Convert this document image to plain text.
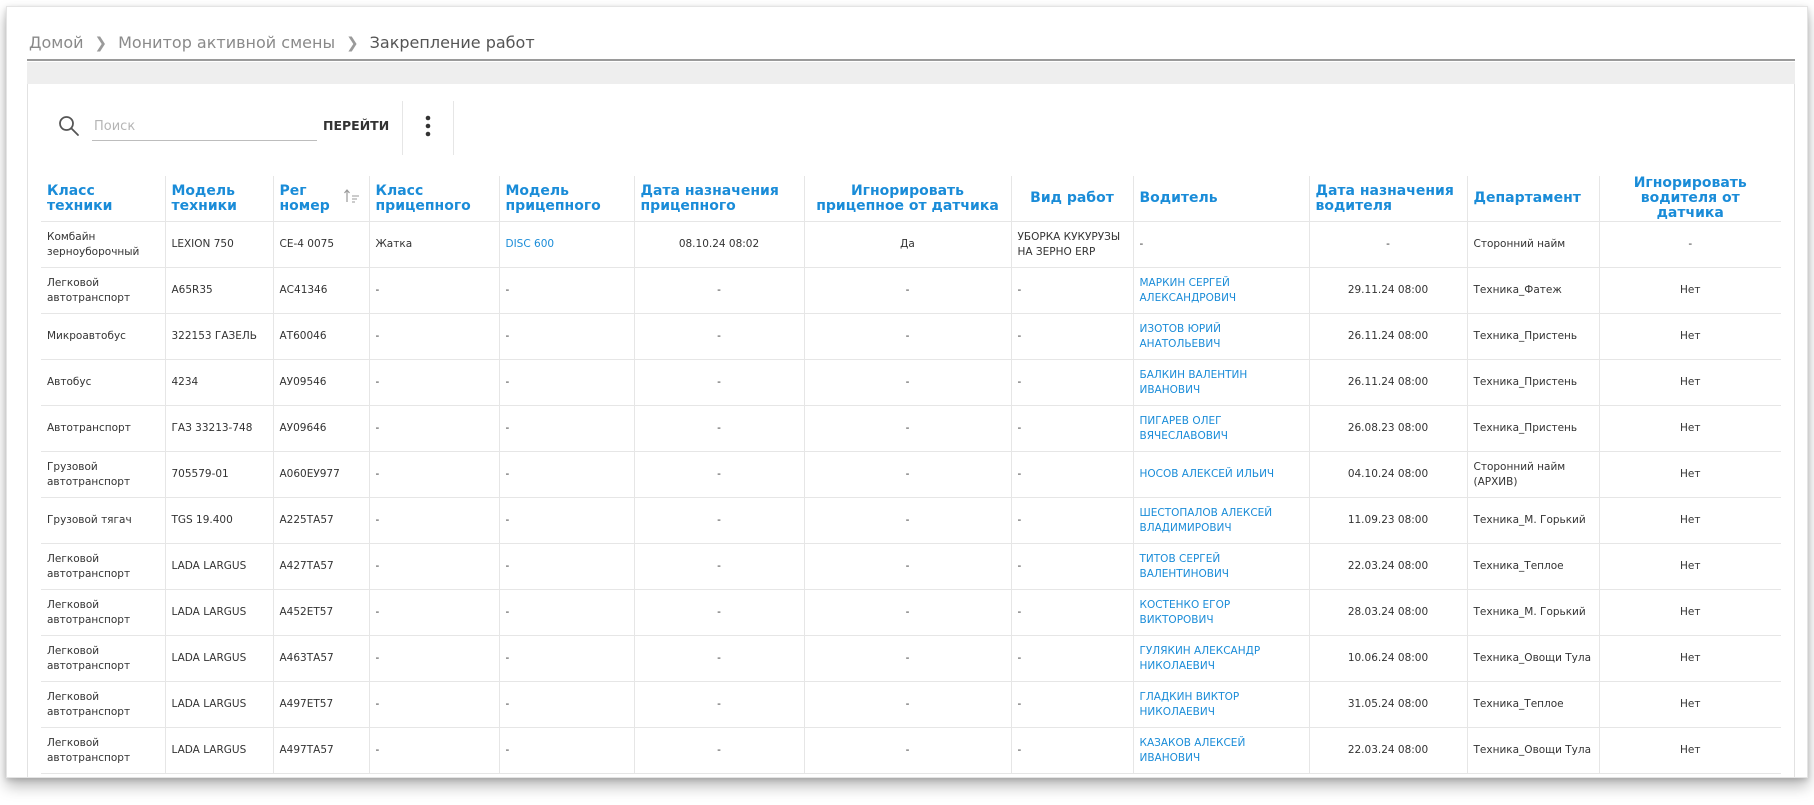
Домой ❯ Монитор активной смены ❯ Закрепление работ
Поиск
ПЕРЕЙТИ
Класс техники	Модель техники	Рег номер	Класс прицепного	Модель прицепного	Дата назначения прицепного	Игнорировать прицепное от датчика	Вид работ	Водитель	Дата назначения водителя	Департамент	Игнорировать водителя от датчика
Комбайн зерноуборочный	LEXION 750	СЕ-4 0075	Жатка	DISC 600	08.10.24 08:02	Да	УБОРКА КУКУРУЗЫ НА ЗЕРНО ERP	-	-	Сторонний найм	-
Легковой автотранспорт	А65R35	АС41346	-	-	-	-	-	МАРКИН СЕРГЕЙ АЛЕКСАНДРОВИЧ	29.11.24 08:00	Техника_Фатеж	Нет
Микроавтобус	322153 ГАЗЕЛЬ	АТ60046	-	-	-	-	-	ИЗОТОВ ЮРИЙ АНАТОЛЬЕВИЧ	26.11.24 08:00	Техника_Пристень	Нет
Автобус	4234	АУ09546	-	-	-	-	-	БАЛКИН ВАЛЕНТИН ИВАНОВИЧ	26.11.24 08:00	Техника_Пристень	Нет
Автотранспорт	ГАЗ 33213-748	АУ09646	-	-	-	-	-	ПИГАРЕВ ОЛЕГ ВЯЧЕСЛАВОВИЧ	26.08.23 08:00	Техника_Пристень	Нет
Грузовой автотранспорт	705579-01	А060ЕУ977	-	-	-	-	-	НОСОВ АЛЕКСЕЙ ИЛЬИЧ	04.10.24 08:00	Сторонний найм (АРХИВ)	Нет
Грузовой тягач	TGS 19.400	А225ТА57	-	-	-	-	-	ШЕСТОПАЛОВ АЛЕКСЕЙ ВЛАДИМИРОВИЧ	11.09.23 08:00	Техника_М. Горький	Нет
Легковой автотранспорт	LADA LARGUS	А427ТА57	-	-	-	-	-	ТИТОВ СЕРГЕЙ ВАЛЕНТИНОВИЧ	22.03.24 08:00	Техника_Теплое	Нет
Легковой автотранспорт	LADA LARGUS	А452ЕТ57	-	-	-	-	-	КОСТЕНКО ЕГОР ВИКТОРОВИЧ	28.03.24 08:00	Техника_М. Горький	Нет
Легковой автотранспорт	LADA LARGUS	А463ТА57	-	-	-	-	-	ГУЛЯКИН АЛЕКСАНДР НИКОЛАЕВИЧ	10.06.24 08:00	Техника_Овощи Тула	Нет
Легковой автотранспорт	LADA LARGUS	А497ЕТ57	-	-	-	-	-	ГЛАДКИН ВИКТОР НИКОЛАЕВИЧ	31.05.24 08:00	Техника_Теплое	Нет
Легковой автотранспорт	LADA LARGUS	А497ТА57	-	-	-	-	-	КАЗАКОВ АЛЕКСЕЙ ИВАНОВИЧ	22.03.24 08:00	Техника_Овощи Тула	Нет
